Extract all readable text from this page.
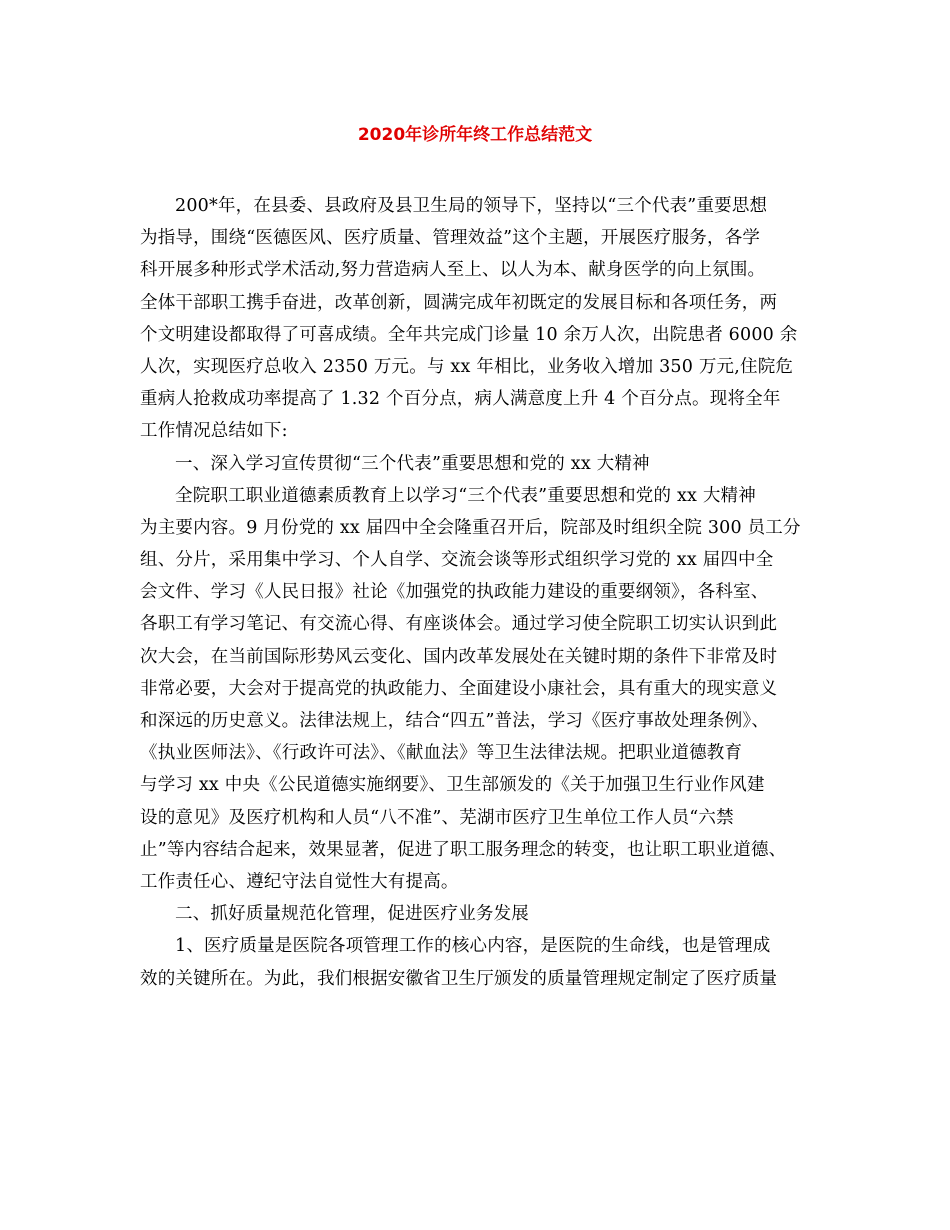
2020年诊所年终工作总结范文
200*年，在县委、县政府及县卫生局的领导下，坚持以“三个代表”重要思想
为指导，围绕“医德医风、医疗质量、管理效益”这个主题，开展医疗服务，各学
科开展多种形式学术活动,努力营造病人至上、以人为本、献身医学的向上氛围。
全体干部职工携手奋进，改革创新，圆满完成年初既定的发展目标和各项任务，两
个文明建设都取得了可喜成绩。全年共完成门诊量 10 余万人次，出院患者 6000 余
人次，实现医疗总收入 2350 万元。与 xx 年相比，业务收入增加 350 万元,住院危
重病人抢救成功率提高了 1.32 个百分点，病人满意度上升 4 个百分点。现将全年
工作情况总结如下:
一、深入学习宣传贯彻“三个代表”重要思想和党的 xx 大精神
全院职工职业道德素质教育上以学习“三个代表”重要思想和党的 xx 大精神
为主要内容。9 月份党的 xx 届四中全会隆重召开后，院部及时组织全院 300 员工分
组、分片，采用集中学习、个人自学、交流会谈等形式组织学习党的 xx 届四中全
会文件、学习《人民日报》社论《加强党的执政能力建设的重要纲领》，各科室、
各职工有学习笔记、有交流心得、有座谈体会。通过学习使全院职工切实认识到此
次大会，在当前国际形势风云变化、国内改革发展处在关键时期的条件下非常及时
非常必要，大会对于提高党的执政能力、全面建设小康社会，具有重大的现实意义
和深远的历史意义。法律法规上，结合“四五”普法，学习《医疗事故处理条例》、
《执业医师法》、《行政许可法》、《献血法》等卫生法律法规。把职业道德教育
与学习 xx 中央《公民道德实施纲要》、卫生部颁发的《关于加强卫生行业作风建
设的意见》及医疗机构和人员“八不准”、芜湖市医疗卫生单位工作人员“六禁
止”等内容结合起来，效果显著，促进了职工服务理念的转变，也让职工职业道德、
工作责任心、遵纪守法自觉性大有提高。
二、抓好质量规范化管理，促进医疗业务发展
1、医疗质量是医院各项管理工作的核心内容，是医院的生命线，也是管理成
效的关键所在。为此，我们根据安徽省卫生厅颁发的质量管理规定制定了医疗质量
